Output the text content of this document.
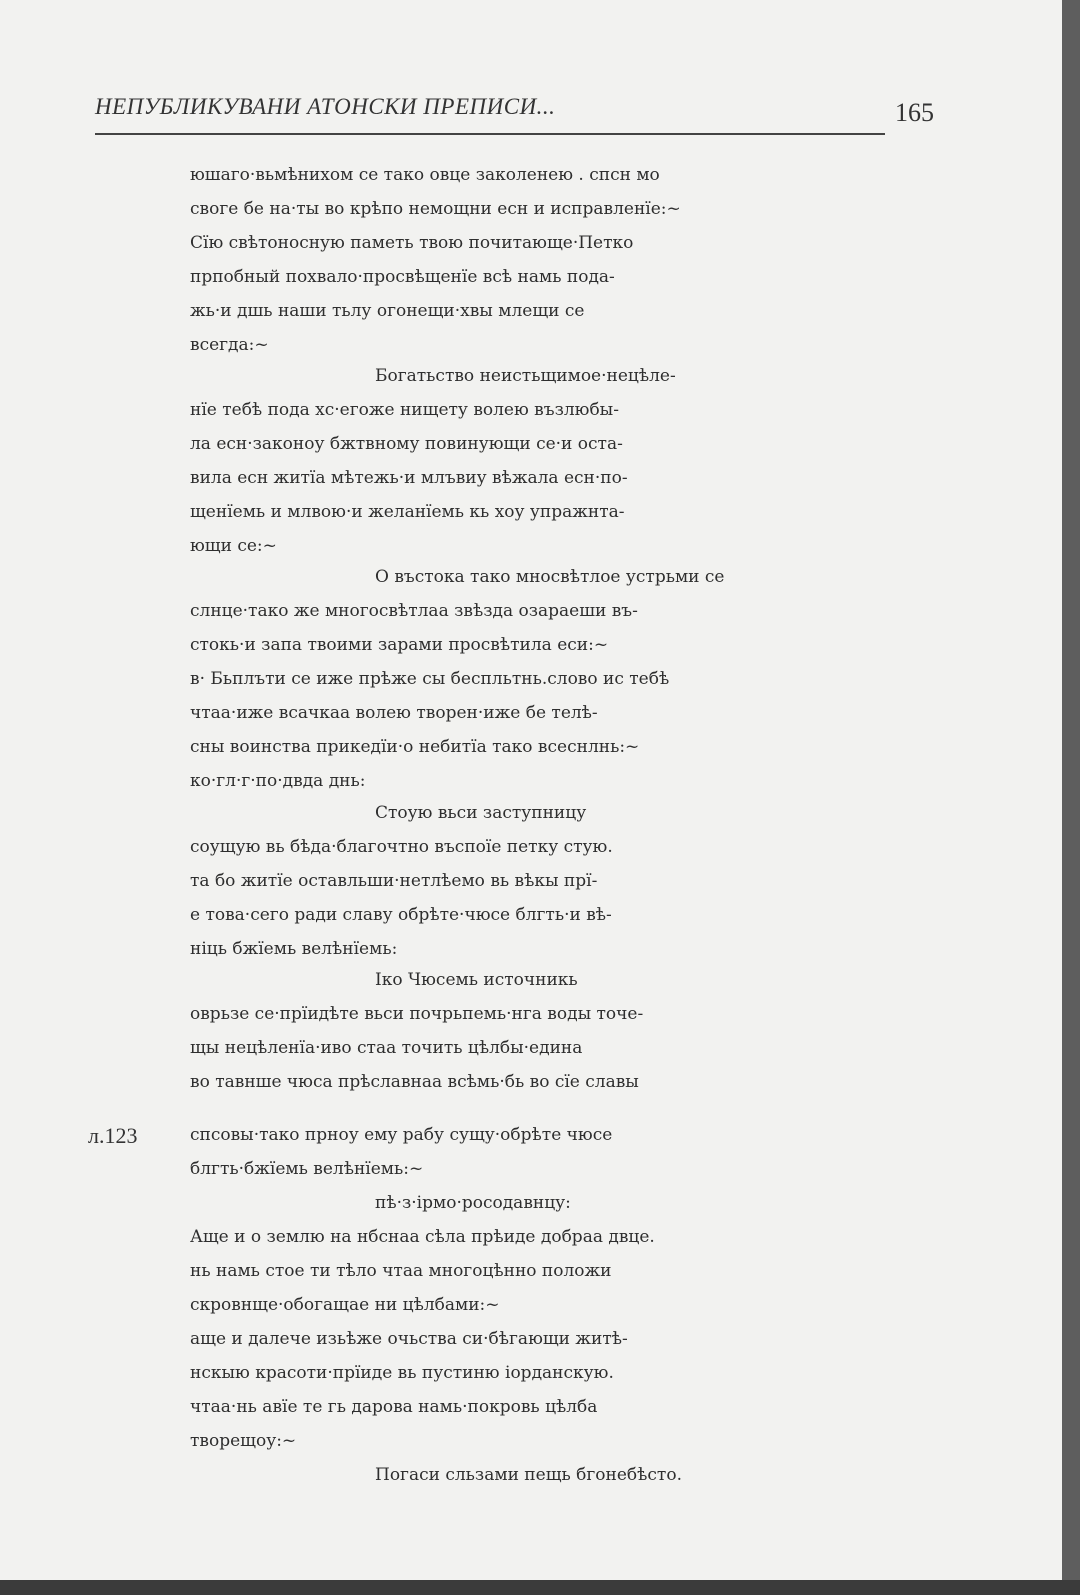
НЕПУБЛИКУВАНИ АТОНСКИ ПРЕПИСИ...	165
юшаго·вьмѣнихом се тако овце заколенею . спсн мо
своге бе на·ты во крѣпо немощни есн и исправленїе:~
Сїю свѣтоносную паметь твою почитающе·Петко
прпобный похвало·просвѣщенїе всѣ намь пода-
жь·и дшь наши тьлу огонещи·хвы млещи се
всегда:~
Богатьство неистьщимое·нецѣле-
нїе тебѣ пода хс·егоже нищету волею възлюбы-
ла есн·законоу бжтвному повинующи се·и оста-
вила есн житїа мѣтежь·и млъвиу вѣжала есн·по-
щенїемь и млвою·и желанїемь кь хоу упражнта-
ющи се:~
О въстока тако мносвѣтлое устрьми се
слнце·тако же многосвѣтлаа звѣзда озараеши въ-
стокь·и запа твоими зарами просвѣтила еси:~
в· Бьплъти се иже прѣже сы беспльтнь.слово ис тебѣ
чтаа·иже всачкаа волею творен·иже бе телѣ-
сны воинства прикедїи·о небитїа тако всеснлнь:~
ко·гл·г·по·двда днь:
Стоую вьси заступницу
соущую вь бѣда·благочтно въспоїе петку стую.
та бо житїе оставльши·нетлѣемо вь вѣкы прї-
е това·сего ради славу обрѣте·чюсе блгть·и вѣ-
ніць бжїемь велѣнїемь:
Іко Чюсемь источникь
оврьзе се·прїидѣте вьси почрьпемь·нга воды точе-
щы нецѣленїа·иво стаа точить цѣлбы·едина
во тавнше чюса прѣславнаа всѣмь·бь во сїе славы
спсовы·тако прноу ему рабу сущу·обрѣте чюсе
блгть·бжїемь велѣнїемь:~
пѣ·з·ірмо·росодавнцу:
Аще и о землю на нбснаа сѣла прѣиде добраа двце.
нь намь стое ти тѣло чтаа многоцѣнно положи
скровнще·обогащае ни цѣлбами:~
аще и далече изьѣже очьства си·бѣгающи житѣ-
нскыю красоти·прїиде вь пустиню іорданскую.
чтаа·нь авїе те гь дарова намь·покровь цѣлба
творещоу:~
Погаси сльзами пещь бгонебѣсто.
л.123
